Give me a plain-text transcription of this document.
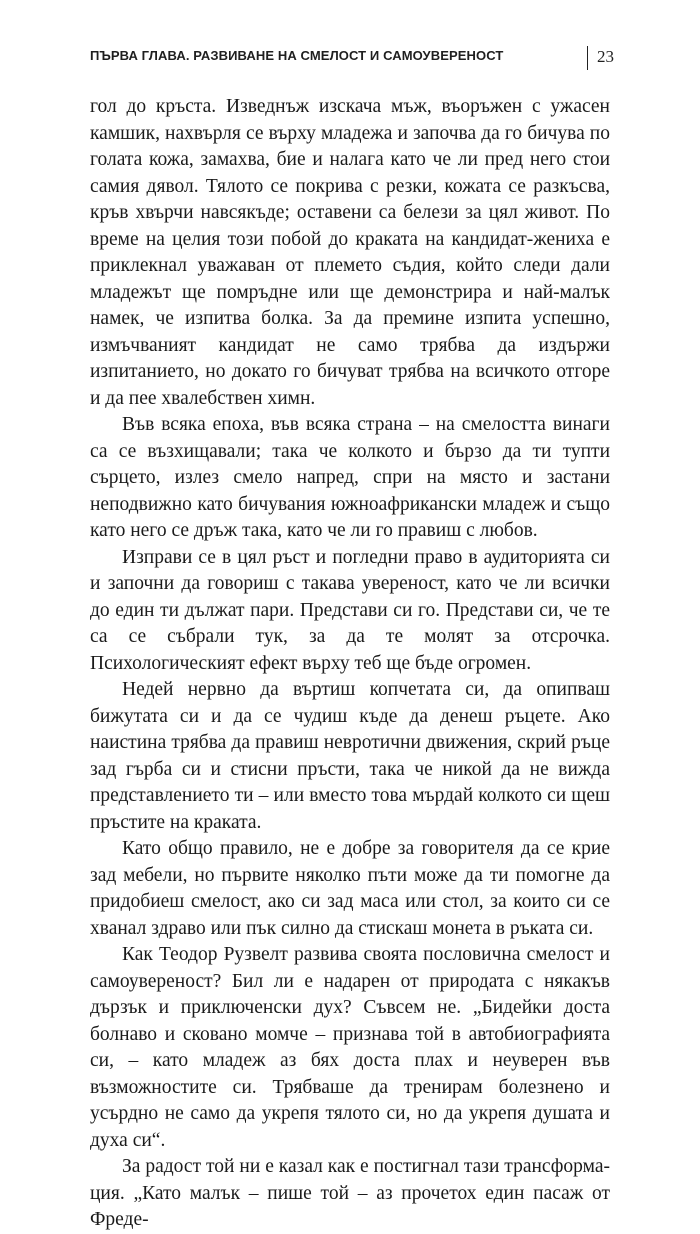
ПЪРВА ГЛАВА. РАЗВИВАНЕ НА СМЕЛОСТ И САМОУВЕРЕНОСТ	23

гол до кръста. Изведнъж изскача мъж, въоръжен с ужасен камшик, нахвърля се върху младежа и започва да го бичува по голата кожа, замахва, бие и налага като че ли пред него стои самия дявол. Тялото се покрива с резки, кожата се разкъсва, кръв хвърчи навсякъде; оставени са белези за цял живот. По време на целия този побой до краката на кандидат-жениха е приклекнал уважаван от племето съдия, който следи дали младежът ще помръдне или ще демонстрира и най-малък намек, че изпитва болка. За да премине изпита успешно, измъчваният кандидат не само трябва да издържи изпитанието, но докато го бичуват трябва на всичкото отгоре и да пее хвалебствен химн.

Във всяка епоха, във всяка страна – на смелостта винаги са се възхищавали; така че колкото и бързо да ти тупти сърцето, излез смело напред, спри на място и застани неподвижно като бичувания южноафрикански младеж и също като него се дръж така, като че ли го правиш с любов.

Изправи се в цял ръст и погледни право в аудиторията си и започни да говориш с такава увереност, като че ли всички до един ти дължат пари. Представи си го. Представи си, че те са се събрали тук, за да те молят за отсрочка. Психологическият ефект върху теб ще бъде огромен.

Недей нервно да въртиш копчетата си, да опипваш бижутата си и да се чудиш къде да денеш ръцете. Ако наистина трябва да правиш невротични движения, скрий ръце зад гърба си и стисни пръсти, така че никой да не вижда представлението ти – или вместо това мърдай колкото си щеш пръстите на краката.

Като общо правило, не е добре за говорителя да се крие зад мебели, но първите няколко пъти може да ти помогне да придобиеш смелост, ако си зад маса или стол, за които си се хванал здраво или пък силно да стискаш монета в ръката си.

Как Теодор Рузвелт развива своята пословична смелост и самоувереност? Бил ли е надарен от природата с някакъв дързък и приключенски дух? Съвсем не. „Бидейки доста болнаво и сковано момче – признава той в автобиографията си, – като младеж аз бях доста плах и неуверен във възможностите си. Трябваше да тренирам болезнено и усърдно не само да укрепя тялото си, но да укрепя душата и духа си“.

За радост той ни е казал как е постигнал тази трансформация. „Като малък – пише той – аз прочетох един пасаж от Фреде-
